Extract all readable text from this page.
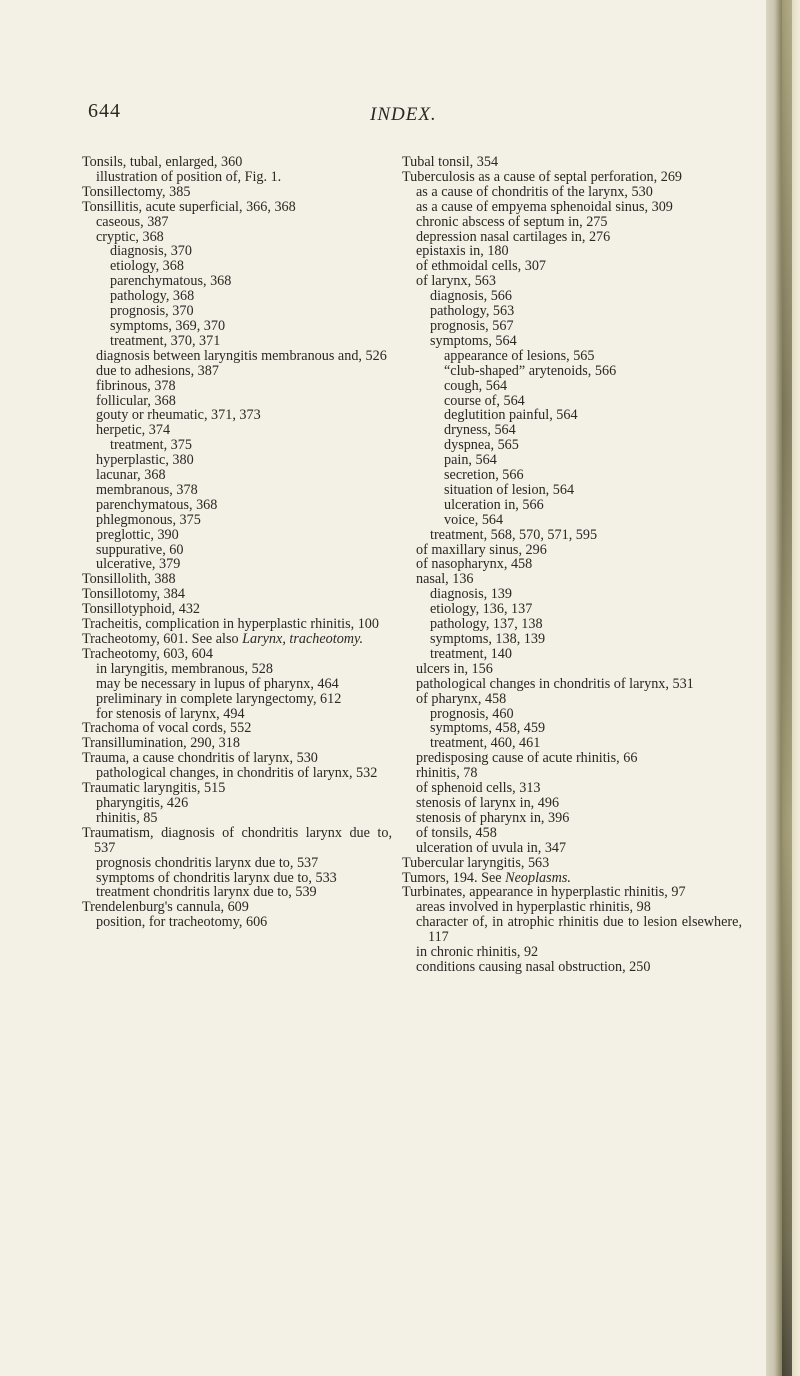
644	INDEX.
Tonsils, tubal, enlarged, 360
illustration of position of, Fig. 1.
Tonsillectomy, 385
Tonsillitis, acute superficial, 366, 368
caseous, 387
cryptic, 368
diagnosis, 370
etiology, 368
parenchymatous, 368
pathology, 368
prognosis, 370
symptoms, 369, 370
treatment, 370, 371
diagnosis between laryngitis membranous and, 526
due to adhesions, 387
fibrinous, 378
follicular, 368
gouty or rheumatic, 371, 373
herpetic, 374
treatment, 375
hyperplastic, 380
lacunar, 368
membranous, 378
parenchymatous, 368
phlegmonous, 375
preglottic, 390
suppurative, 60
ulcerative, 379
Tonsillolith, 388
Tonsillotomy, 384
Tonsillotyphoid, 432
Tracheitis, complication in hyperplastic rhinitis, 100
Tracheotomy, 601. See also Larynx, tracheotomy.
Tracheotomy, 603, 604
in laryngitis, membranous, 528
may be necessary in lupus of pharynx, 464
preliminary in complete laryngectomy, 612
for stenosis of larynx, 494
Trachoma of vocal cords, 552
Transillumination, 290, 318
Trauma, a cause chondritis of larynx, 530
pathological changes, in chondritis of larynx, 532
Traumatic laryngitis, 515
pharyngitis, 426
rhinitis, 85
Traumatism, diagnosis of chondritis larynx due to, 537
prognosis chondritis larynx due to, 537
symptoms of chondritis larynx due to, 533
treatment chondritis larynx due to, 539
Trendelenburg's cannula, 609
position, for tracheotomy, 606
Tubal tonsil, 354
Tuberculosis as a cause of septal perforation, 269
as a cause of chondritis of the larynx, 530
as a cause of empyema sphenoidal sinus, 309
chronic abscess of septum in, 275
depression nasal cartilages in, 276
epistaxis in, 180
of ethmoidal cells, 307
of larynx, 563
diagnosis, 566
pathology, 563
prognosis, 567
symptoms, 564
appearance of lesions, 565
“club-shaped” arytenoids, 566
cough, 564
course of, 564
deglutition painful, 564
dryness, 564
dyspnea, 565
pain, 564
secretion, 566
situation of lesion, 564
ulceration in, 566
voice, 564
treatment, 568, 570, 571, 595
of maxillary sinus, 296
of nasopharynx, 458
nasal, 136
diagnosis, 139
etiology, 136, 137
pathology, 137, 138
symptoms, 138, 139
treatment, 140
ulcers in, 156
pathological changes in chondritis of larynx, 531
of pharynx, 458
prognosis, 460
symptoms, 458, 459
treatment, 460, 461
predisposing cause of acute rhinitis, 66
rhinitis, 78
of sphenoid cells, 313
stenosis of larynx in, 496
stenosis of pharynx in, 396
of tonsils, 458
ulceration of uvula in, 347
Tubercular laryngitis, 563
Tumors, 194. See Neoplasms.
Turbinates, appearance in hyperplastic rhinitis, 97
areas involved in hyperplastic rhinitis, 98
character of, in atrophic rhinitis due to lesion elsewhere, 117
in chronic rhinitis, 92
conditions causing nasal obstruction, 250
